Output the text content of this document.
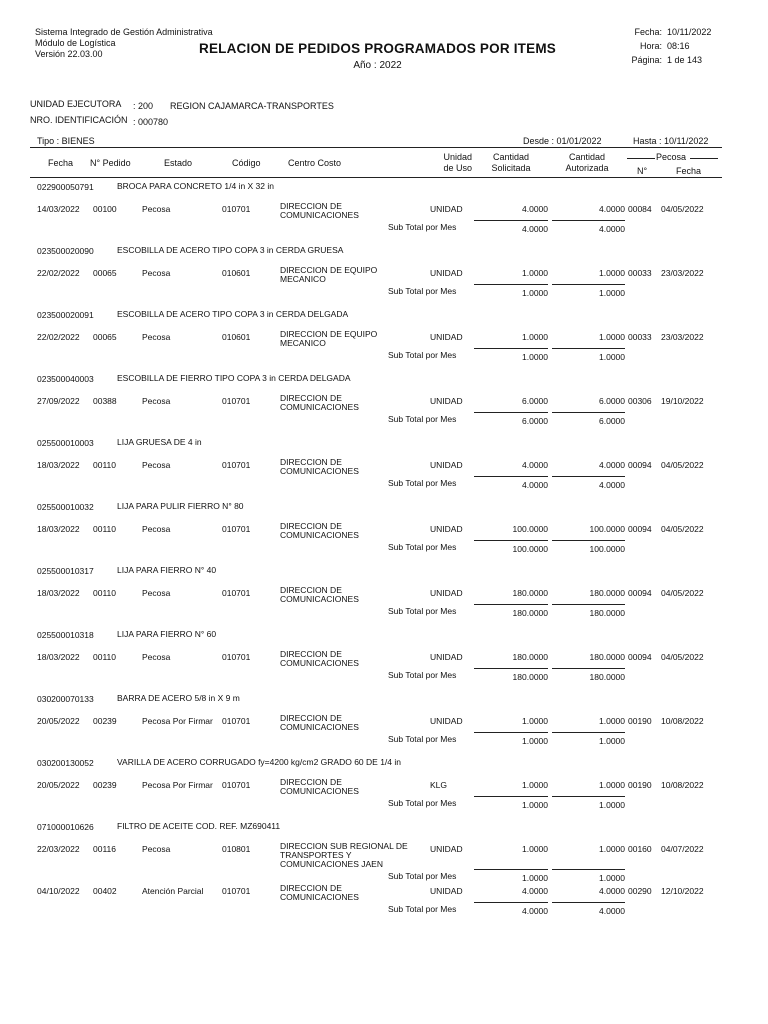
Sistema Integrado de Gestión Administrativa
Módulo de Logística
Versión 22.03.00	RELACION DE PEDIDOS PROGRAMADOS POR ITEMS
Año : 2022
Fecha: 10/11/2022
Hora: 08:16
Página: 1 de 143
UNIDAD EJECUTORA : 200 REGION CAJAMARCA-TRANSPORTES
NRO. IDENTIFICACIÓN : 000780
Tipo : BIENES	Desde : 01/01/2022	Hasta : 10/11/2022
Fecha N° Pedido	Estado	Código	Centro Costo
Unidad
de Uso
Cantidad
Solicitada
Cantidad
Autorizada
Pecosa
N°	Fecha
022900050791	BROCA PARA CONCRETO 1/4 in X 32 in
14/03/2022 00100	Pecosa	010701	DIRECCION DE
COMUNICACIONES
UNIDAD	4.0000	4.0000 00084 04/05/2022
Sub Total por Mes	4.0000	4.0000
023500020090	ESCOBILLA DE ACERO TIPO COPA 3 in CERDA GRUESA
22/02/2022 00065	Pecosa	010601	DIRECCION DE EQUIPO
MECANICO
UNIDAD	1.0000	1.0000 00033 23/03/2022
Sub Total por Mes	1.0000	1.0000
023500020091	ESCOBILLA DE ACERO TIPO COPA 3 in CERDA DELGADA
22/02/2022 00065	Pecosa	010601	DIRECCION DE EQUIPO
MECANICO
UNIDAD	1.0000	1.0000 00033 23/03/2022
Sub Total por Mes	1.0000	1.0000
023500040003	ESCOBILLA DE FIERRO TIPO COPA 3 in CERDA DELGADA
27/09/2022 00388	Pecosa	010701	DIRECCION DE
COMUNICACIONES
UNIDAD	6.0000	6.0000 00306 19/10/2022
Sub Total por Mes	6.0000	6.0000
025500010003	LIJA GRUESA DE 4 in
18/03/2022 00110	Pecosa	010701	DIRECCION DE
COMUNICACIONES
UNIDAD	4.0000	4.0000 00094 04/05/2022
Sub Total por Mes	4.0000	4.0000
025500010032	LIJA PARA PULIR FIERRO N° 80
18/03/2022 00110	Pecosa	010701	DIRECCION DE
COMUNICACIONES
UNIDAD	100.0000	100.0000 00094 04/05/2022
Sub Total por Mes	100.0000	100.0000
025500010317	LIJA PARA FIERRO N° 40
18/03/2022 00110	Pecosa	010701	DIRECCION DE
COMUNICACIONES
UNIDAD	180.0000	180.0000 00094 04/05/2022
Sub Total por Mes	180.0000	180.0000
025500010318	LIJA PARA FIERRO N° 60
18/03/2022 00110	Pecosa	010701	DIRECCION DE
COMUNICACIONES
UNIDAD	180.0000	180.0000 00094 04/05/2022
Sub Total por Mes	180.0000	180.0000
030200070133	BARRA DE ACERO 5/8 in X 9 m
20/05/2022 00239	Pecosa Por Firmar 010701	DIRECCION DE
COMUNICACIONES
UNIDAD	1.0000	1.0000 00190 10/08/2022
Sub Total por Mes	1.0000	1.0000
030200130052	VARILLA DE ACERO CORRUGADO fy=4200 kg/cm2 GRADO 60 DE 1/4 in
20/05/2022 00239	Pecosa Por Firmar 010701	DIRECCION DE
COMUNICACIONES
KLG	1.0000	1.0000 00190 10/08/2022
Sub Total por Mes	1.0000	1.0000
071000010626	FILTRO DE ACEITE COD. REF. MZ690411
22/03/2022 00116	Pecosa	010801	DIRECCION SUB REGIONAL DE
TRANSPORTES Y
COMUNICACIONES JAEN
UNIDAD	1.0000	1.0000 00160 04/07/2022
Sub Total por Mes	1.0000	1.0000
04/10/2022 00402	Atención Parcial 010701	DIRECCION DE
COMUNICACIONES
UNIDAD	4.0000	4.0000 00290 12/10/2022
Sub Total por Mes	4.0000	4.0000
